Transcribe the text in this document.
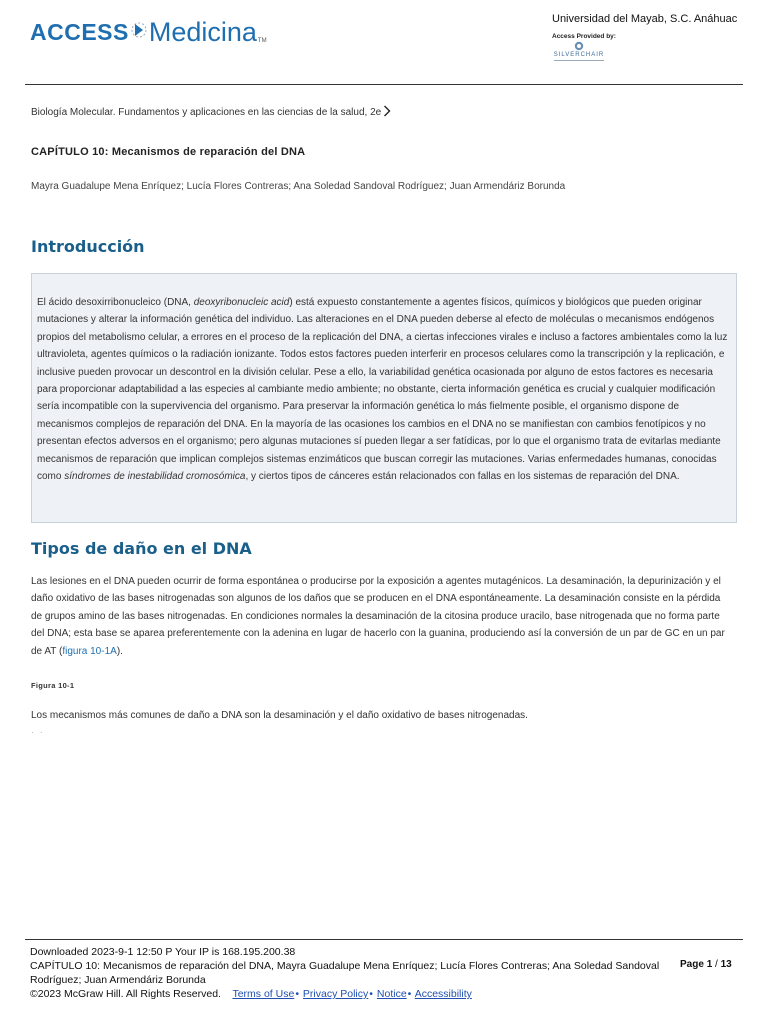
ACCESS Medicina TM
Universidad del Mayab, S.C. Anáhuac
Access Provided by:
SILVERCHAIR
Biología Molecular. Fundamentos y aplicaciones en las ciencias de la salud, 2e
CAPÍTULO 10: Mecanismos de reparación del DNA
Mayra Guadalupe Mena Enríquez; Lucía Flores Contreras; Ana Soledad Sandoval Rodríguez; Juan Armendáriz Borunda
Introducción

El ácido desoxirribonucleico (DNA, deoxyribonucleic acid) está expuesto constantemente a agentes físicos, químicos y biológicos que pueden originar mutaciones y alterar la información genética del individuo. Las alteraciones en el DNA pueden deberse al efecto de moléculas o mecanismos endógenos propios del metabolismo celular, a errores en el proceso de la replicación del DNA, a ciertas infecciones virales e incluso a factores ambientales como la luz ultravioleta, agentes químicos o la radiación ionizante. Todos estos factores pueden interferir en procesos celulares como la transcripción y la replicación, e inclusive pueden provocar un descontrol en la división celular. Pese a ello, la variabilidad genética ocasionada por alguno de estos factores es necesaria para proporcionar adaptabilidad a las especies al cambiante medio ambiente; no obstante, cierta información genética es crucial y cualquier modificación sería incompatible con la supervivencia del organismo. Para preservar la información genética lo más fielmente posible, el organismo dispone de mecanismos complejos de reparación del DNA. En la mayoría de las ocasiones los cambios en el DNA no se manifiestan con cambios fenotípicos y no presentan efectos adversos en el organismo; pero algunas mutaciones sí pueden llegar a ser fatídicas, por lo que el organismo trata de evitarlas mediante mecanismos de reparación que implican complejos sistemas enzimáticos que buscan corregir las mutaciones. Varias enfermedades humanas, conocidas como síndromes de inestabilidad cromosómica, y ciertos tipos de cánceres están relacionados con fallas en los sistemas de reparación del DNA.

Tipos de daño en el DNA

Las lesiones en el DNA pueden ocurrir de forma espontánea o producirse por la exposición a agentes mutagénicos. La desaminación, la depurinización y el daño oxidativo de las bases nitrogenadas son algunos de los daños que se producen en el DNA espontáneamente. La desaminación consiste en la pérdida de grupos amino de las bases nitrogenadas. En condiciones normales la desaminación de la citosina produce uracilo, base nitrogenada que no forma parte del DNA; esta base se aparea preferentemente con la adenina en lugar de hacerlo con la guanina, produciendo así la conversión de un par de GC en un par de AT (figura 10-1A).

Figura 10-1
Los mecanismos más comunes de daño a DNA son la desaminación y el daño oxidativo de bases nitrogenadas.
· ·
Downloaded 2023-9-1 12:50 P Your IP is 168.195.200.38
CAPÍTULO 10: Mecanismos de reparación del DNA, Mayra Guadalupe Mena Enríquez; Lucía Flores Contreras; Ana Soledad Sandoval
Rodríguez; Juan Armendáriz Borunda
©2023 McGraw Hill. All Rights Reserved. Terms of Use• Privacy Policy• Notice• Accessibility
Page 1 / 13
